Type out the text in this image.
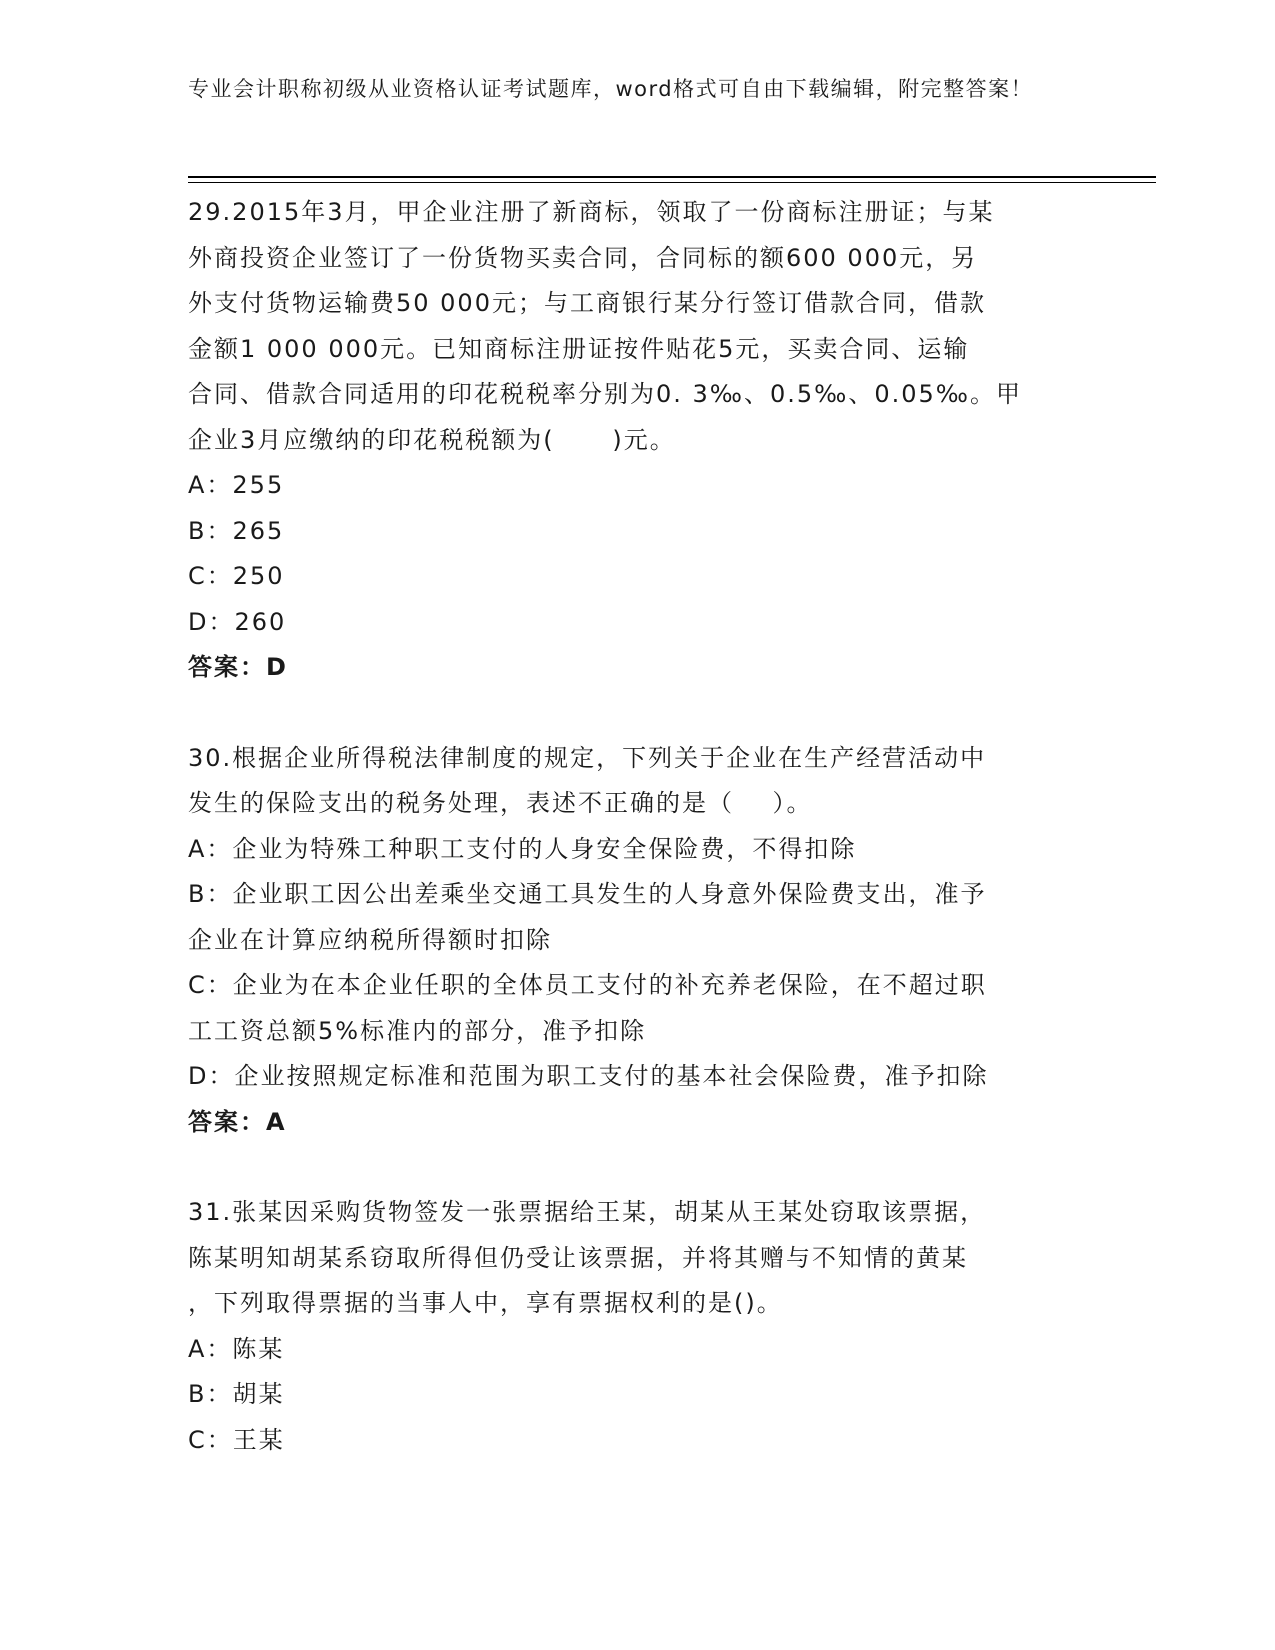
专业会计职称初级从业资格认证考试题库，word格式可自由下载编辑，附完整答案！
29.2015年3月，甲企业注册了新商标，领取了一份商标注册证；与某
外商投资企业签订了一份货物买卖合同，合同标的额600 000元，另
外支付货物运输费50 000元；与工商银行某分行签订借款合同，借款
金额1 000 000元。已知商标注册证按件贴花5元，买卖合同、运输
合同、借款合同适用的印花税税率分别为0. 3‰、0.5‰、0.05‰。甲
企业3月应缴纳的印花税税额为(      )元。
A：255
B：265
C：250
D：260
答案：D
30.根据企业所得税法律制度的规定，下列关于企业在生产经营活动中
发生的保险支出的税务处理，表述不正确的是（    ）。
A：企业为特殊工种职工支付的人身安全保险费，不得扣除
B：企业职工因公出差乘坐交通工具发生的人身意外保险费支出，准予
企业在计算应纳税所得额时扣除
C：企业为在本企业任职的全体员工支付的补充养老保险，在不超过职
工工资总额5%标准内的部分，准予扣除
D：企业按照规定标准和范围为职工支付的基本社会保险费，准予扣除
答案：A
31.张某因采购货物签发一张票据给王某，胡某从王某处窃取该票据，
陈某明知胡某系窃取所得但仍受让该票据，并将其赠与不知情的黄某
，下列取得票据的当事人中，享有票据权利的是()。
A：陈某
B：胡某
C：王某
